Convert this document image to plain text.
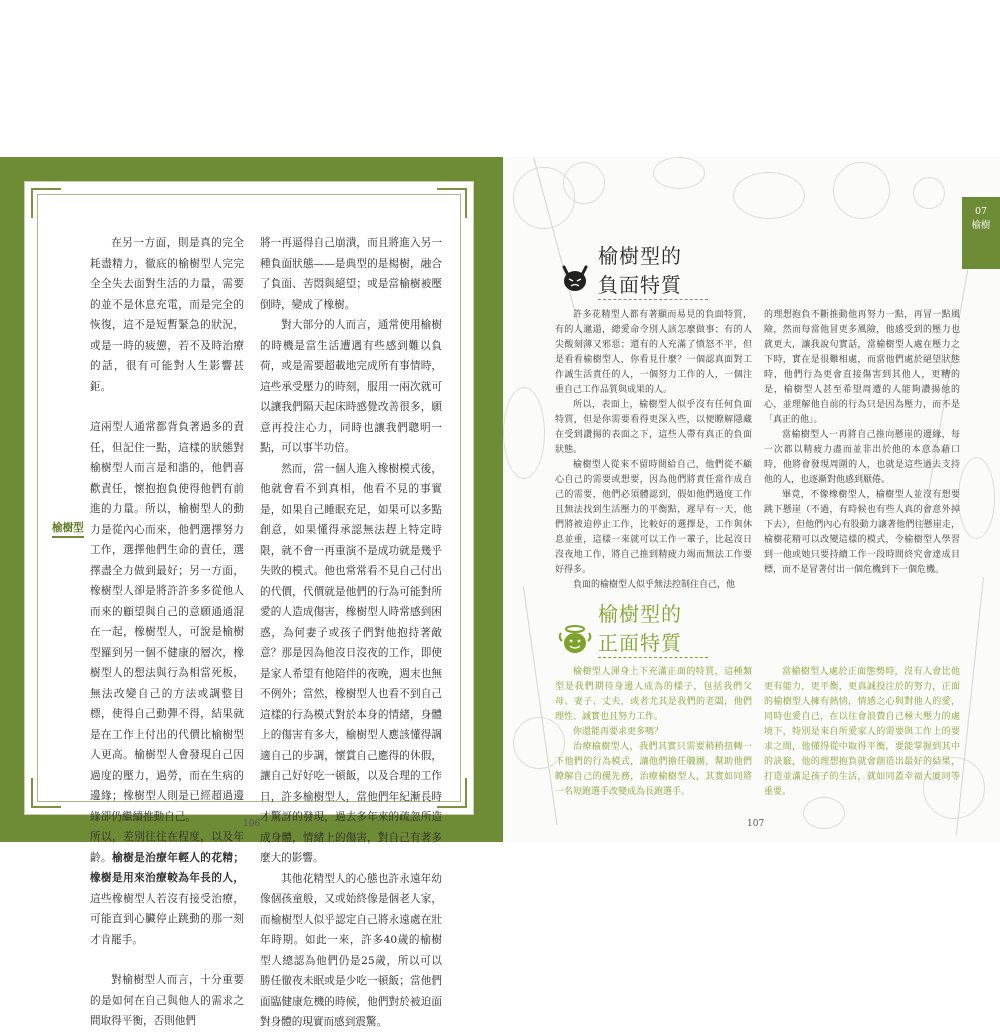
在另一方面，則是真的完全耗盡精力，徹底的榆樹型人完完全全失去面對生活的力量，需要的並不是休息充電，而是完全的恢復，這不是短暫緊急的狀況，或是一時的疲憊，若不及時治療的話，很有可能對人生影響甚鉅。

這兩型人通常都背負著過多的責任，但記住一點，這樣的狀態對榆樹型人而言是和諧的，他們喜歡責任，懷抱抱負使得他們有前進的力量。所以，榆樹型人的動力是從內心而來，他們選擇努力工作，選擇他們生命的責任，選擇盡全力做到最好；另一方面，橡樹型人卻是將許許多多從他人而來的顧望與自己的意願通通混在一起，橡樹型人，可說是榆樹型羅到另一個不健康的層次，橡樹型人的想法與行為相當死板，無法改變自己的方法或調整目標，使得自己動彈不得，結果就是在工作上付出的代價比榆樹型人更高。榆樹型人會發現自己因過度的壓力，過勞，而在生病的邊緣；橡樹型人則是已經超過邊緣卻仍繼續推動自己。

所以，差別往往在程度，以及年齡。榆樹是治療年輕人的花精；橡樹是用來治療較為年長的人，這些橡樹型人若沒有接受治療，可能直到心臟停止跳動的那一刻才肯罷手。

對榆樹型人而言，十分重要的是如何在自己與他人的需求之間取得平衡，否則他們

榆樹型

將一再逼得自己崩潰，而且將進入另一種負面狀態——是典型的是楊樹，融合了負面、苦悶與絕望；或是當榆樹被壓倒時，變成了橡樹。

對大部分的人而言，通常使用榆樹的時機是當生活遭遇有些感到難以負荷，或是需要超載地完成所有事情時，這些承受壓力的時刻，服用一兩次就可以讓我們隔天起床時感覺改善很多，願意再投注心力，同時也讓我們聰明一點，可以事半功倍。

然而，當一個人進入橡樹模式後，他就會看不到真相，他看不見的事實是，如果自己睡眠充足，如果可以多點創意，如果懂得承認無法趕上特定時限，就不會一再重演不是成功就是幾乎失敗的模式。他也常常看不見自己付出的代價，代價就是他們的行為可能對所愛的人造成傷害，橡樹型人時常感到困惑，為何妻子或孩子們對他抱持著敵意？那是因為他沒日沒夜的工作，即使是家人希望有他陪伴的夜晚，週末也無不例外；當然，橡樹型人也看不到自己這樣的行為模式對於本身的情緒，身體上的傷害有多大，榆樹型人應該懂得調適自己的步調，懷賞自己應得的休假，讓自己好好吃一頓飯，以及合理的工作日，許多榆樹型人，當他們年紀漸長時才驚訝的發現，過去多年來的疏忽所造成身體，情緒上的傷害，對自己有著多麼大的影響。

其他花精型人的心態也許永遠年幼像個孩童般，又或始終像是個老人家，而榆樹型人似乎認定自己將永遠處在壯年時期。如此一來，許多40歲的榆樹型人總認為他們仍是25歲，所以可以勝任徹夜未眠或是少吃一頓飯；當他們面臨健康危機的時候，他們對於被迫面對身體的現實而感到震驚。

106
07
榆樹
榆樹型的
負面特質

許多花精型人都有著顯而易見的負面特質，有的人邋遢，總愛命令別人該怎麼做事；有的人尖酸刻薄又邪惡；還有的人充滿了憤怒不平，但是看看榆樹型人，你看見什麼？一個認真面對工作誠生活責任的人，一個努力工作的人，一個注重自己工作品質與成果的人。

所以，表面上，榆樹型人似乎沒有任何負面特質，但是你需要看得更深入些，以便瞭解隱藏在受到讚揚的表面之下，這些人帶有真正的負面狀態。

榆樹型人從來不留時間給自己，他們從不顧心自己的需要或想要，因為他們將責任當作成自己的需要，他們必須體認到，假如他們過度工作且無法找到生活壓力的平衡點，遲早有一天，他們將被迫停止工作，比較好的選擇是，工作與休息並重，這樣一來就可以工作一輩子，比起沒日沒夜地工作，將自己推到精疲力竭而無法工作要好得多。

負面的榆樹型人似乎無法控制住自己，他

的理想抱負不斷推動他再努力一點，再冒一點風險，然而每當他冒更多風險，他感受到的壓力也就更大，讓我說句實話，當榆樹型人處在壓力之下時，實在是很難相處，而當他們處於絕望狀態時，他們行為更會直接傷害到其他人，更糟的是，榆樹型人甚至希望周遭的人能夠讚揚他的心，並理解他自前的行為只是因為壓力，而不是「真正的他」。

當榆樹型人一再將自己推向懸崖的邊緣，每一次都以精疲力盡而並非出於他的本意為藉口時，他將會發現周圍的人，也就是這些過去支持他的人，也逐漸對他感到厭倦。

畢竟，不像橡樹型人，榆樹型人並沒有想要跳下懸崖（不過，有時候也有些人真的會意外掉下去），但他們內心有股動力讓著他們往懸崖走，榆樹花精可以改變這樣的模式，令榆樹型人學習到一他或她只要持續工作一段時間終究會達成目標，而不是冒著付出一個危機到下一個危機。

榆樹型的
正面特質

榆樹型人渾身上下充滿正面的特質，這種類型是我們期待身邊人成為的樣子，包括我們父母、妻子、丈夫，或者尤其是我們的老闆，他們理性、誠實也且努力工作。

你還能再要求更多嗎？

治療榆樹型人，我們其實只需要稍稍扭轉一下他們的行為模式，讓他們擔任職團，幫助他們瞭解自己的優先務，治療榆樹型人，其實如同將一名短跑選手改變成為長跑選手。

當榆樹型人處於正面態勢時，沒有人會比他更有能力，更平衡，更真誠投注於的努力，正面的榆樹型人擁有熱情，情感之心與對他人的愛，同時也愛自己，在以往會浪費自己極大壓力的處境下，特別是來自所愛家人的需要與工作上的要求之間，他懂得從中取得平衡，要能掌握到其中的訣竅，他的理想抱負就會創造出最好的結果，打造並滿足孩子的生活，就如同蓋幸福大廈同等重要。

107
